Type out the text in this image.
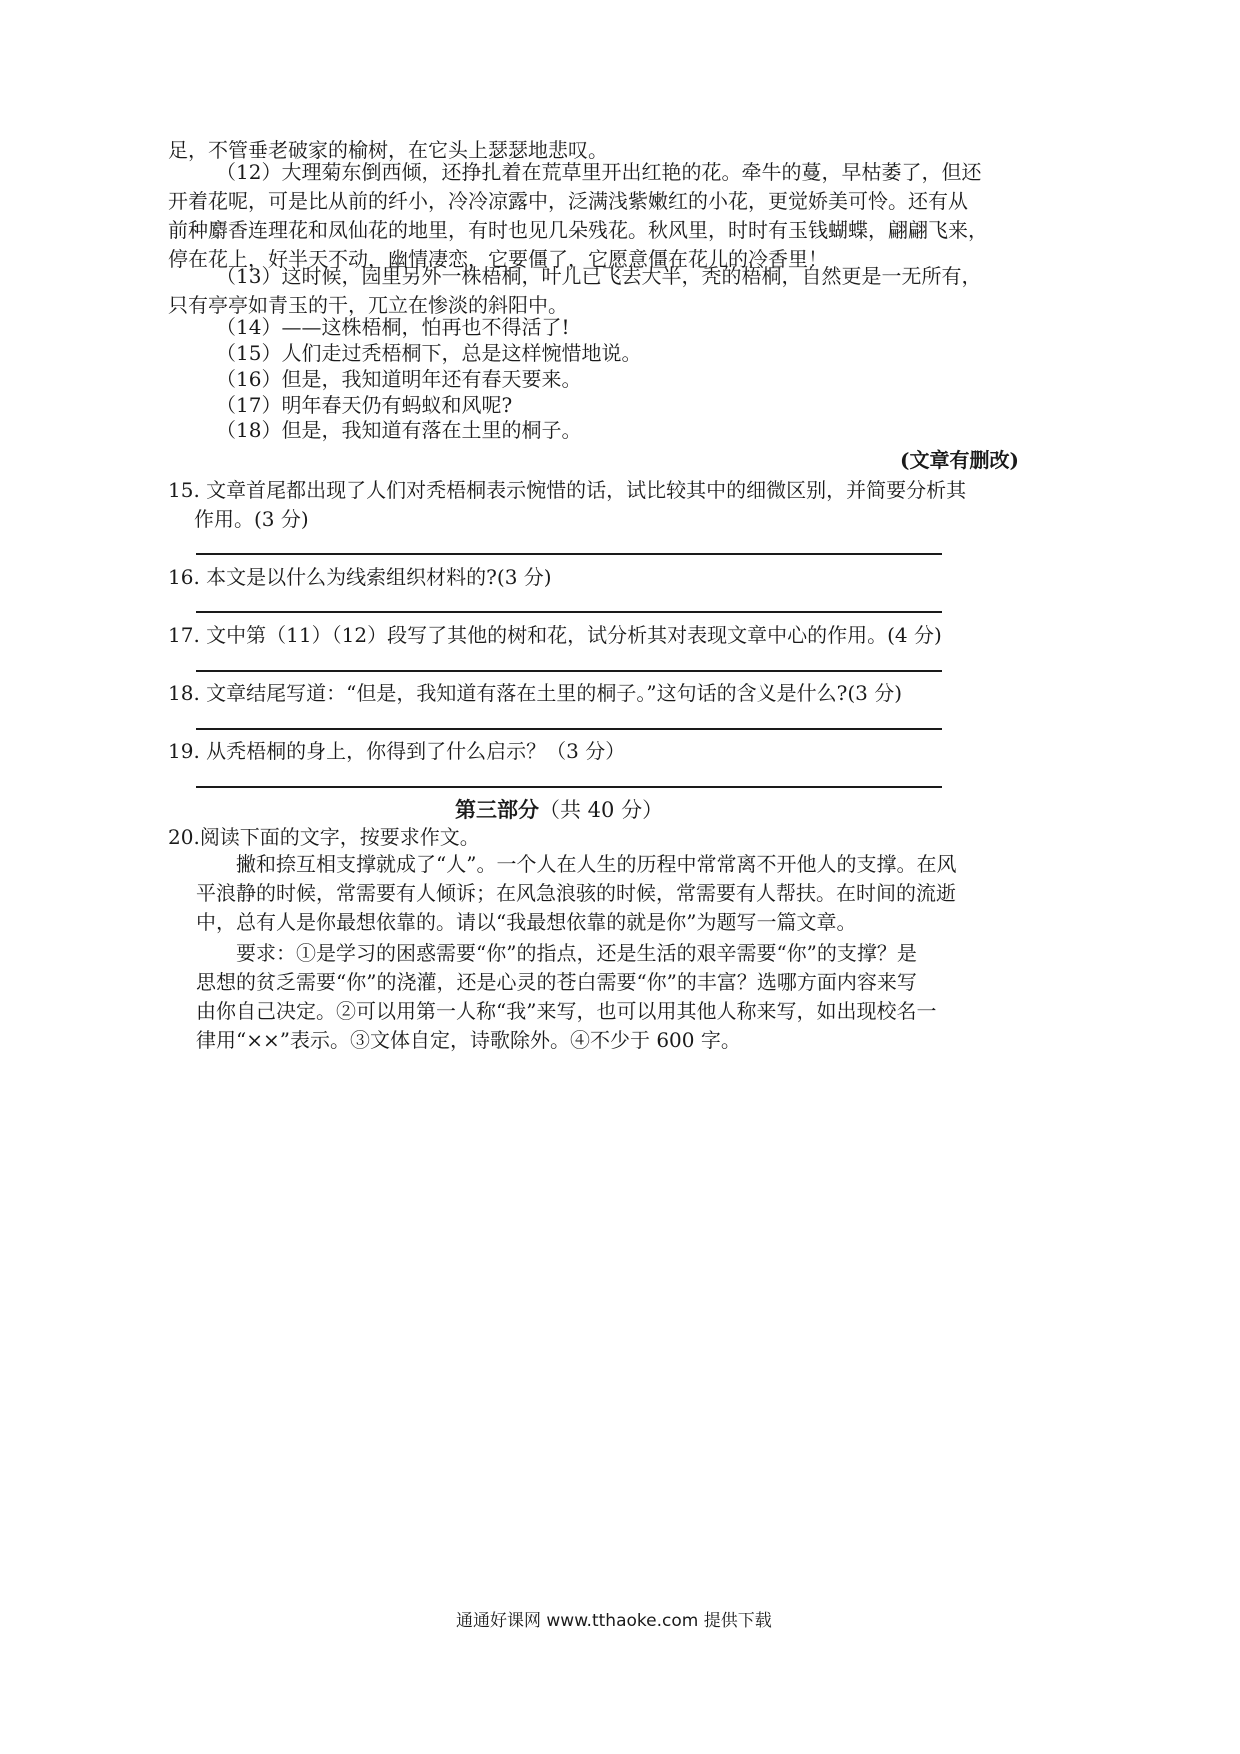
足，不管垂老破家的榆树，在它头上瑟瑟地悲叹。
（12）大理菊东倒西倾，还挣扎着在荒草里开出红艳的花。牵牛的蔓，早枯萎了，但还
开着花呢，可是比从前的纤小，冷冷凉露中，泛满浅紫嫩红的小花，更觉娇美可怜。还有从
前种麝香连理花和凤仙花的地里，有时也见几朵残花。秋风里，时时有玉钱蝴蝶，翩翩飞来，
停在花上，好半天不动，幽情凄恋，它要僵了，它愿意僵在花儿的冷香里！
（13）这时候，园里另外一株梧桐，叶儿已飞去大半，秃的梧桐，自然更是一无所有，
只有亭亭如青玉的干，兀立在惨淡的斜阳中。
（14）——这株梧桐，怕再也不得活了!
（15）人们走过秃梧桐下，总是这样惋惜地说。
（16）但是，我知道明年还有春天要来。
（17）明年春天仍有蚂蚁和风呢?
（18）但是，我知道有落在土里的桐子。
(文章有删改)
15. 文章首尾都出现了人们对秃梧桐表示惋惜的话，试比较其中的细微区别，并简要分析其
作用。(3 分)
16. 本文是以什么为线索组织材料的?(3 分)
17. 文中第（11）（12）段写了其他的树和花，试分析其对表现文章中心的作用。(4 分)
18. 文章结尾写道：“但是，我知道有落在土里的桐子。”这句话的含义是什么?(3 分)
19. 从秃梧桐的身上，你得到了什么启示？（3 分）
第三部分（共 40 分）
20.阅读下面的文字，按要求作文。
撇和捺互相支撑就成了“人”。一个人在人生的历程中常常离不开他人的支撑。在风
平浪静的时候，常需要有人倾诉；在风急浪骇的时候，常需要有人帮扶。在时间的流逝
中，总有人是你最想依靠的。请以“我最想依靠的就是你”为题写一篇文章。
要求：①是学习的困惑需要“你”的指点，还是生活的艰辛需要“你”的支撑？是
思想的贫乏需要“你”的浇灌，还是心灵的苍白需要“你”的丰富？选哪方面内容来写
由你自己决定。②可以用第一人称“我”来写，也可以用其他人称来写，如出现校名一
律用“××”表示。③文体自定，诗歌除外。④不少于 600 字。
通通好课网 www.tthaoke.com 提供下载
